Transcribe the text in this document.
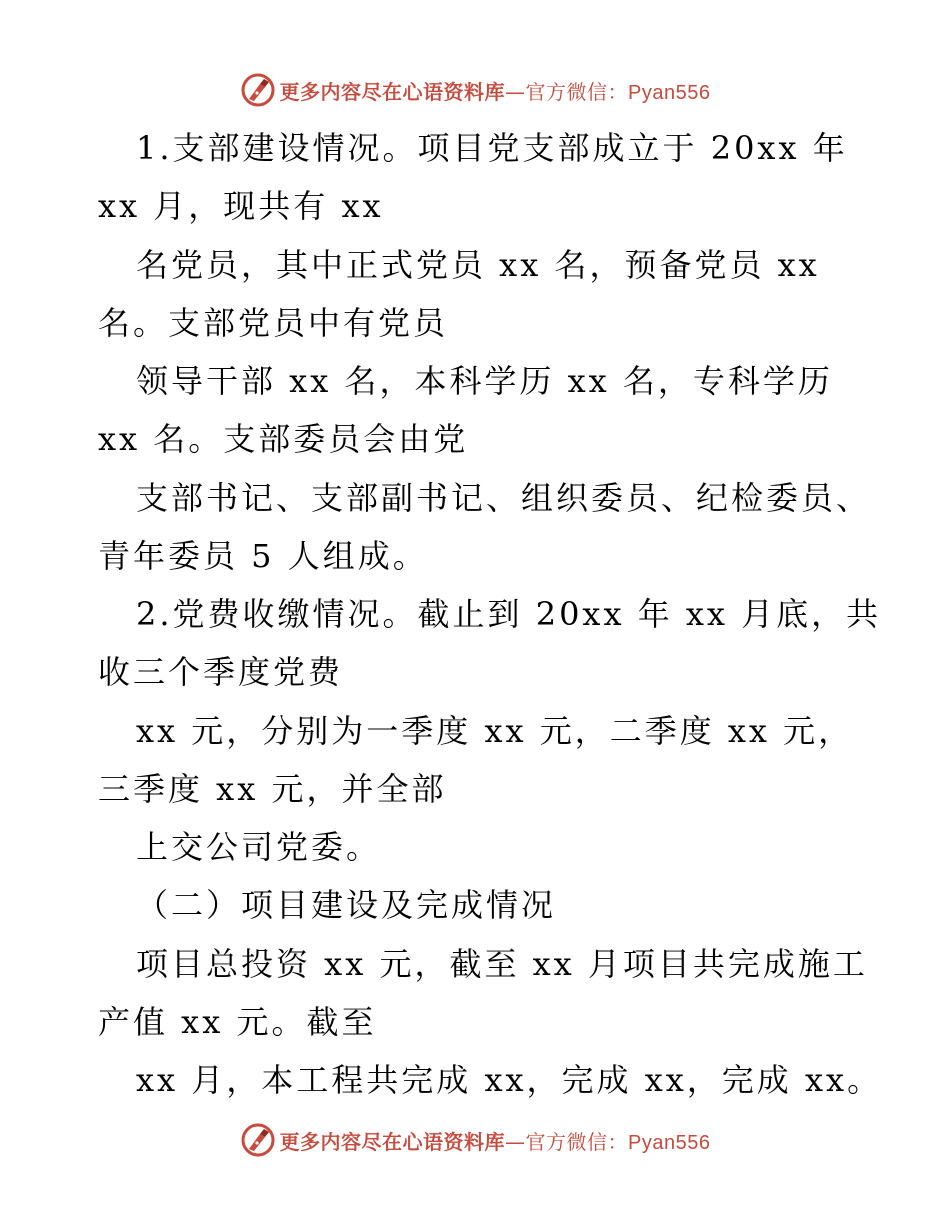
更多内容尽在心语资料库—官方微信：Pyan556
1.支部建设情况。项目党支部成立于 20xx 年
xx 月，现共有 xx
名党员，其中正式党员 xx 名，预备党员 xx
名。支部党员中有党员
领导干部 xx 名，本科学历 xx 名，专科学历
xx 名。支部委员会由党
支部书记、支部副书记、组织委员、纪检委员、
青年委员 5 人组成。
2.党费收缴情况。截止到 20xx 年 xx 月底，共
收三个季度党费
xx 元，分别为一季度 xx 元，二季度 xx 元，
三季度 xx 元，并全部
上交公司党委。
（二）项目建设及完成情况
项目总投资 xx 元，截至 xx 月项目共完成施工
产值 xx 元。截至
xx 月，本工程共完成 xx，完成 xx，完成 xx。
更多内容尽在心语资料库—官方微信：Pyan556
